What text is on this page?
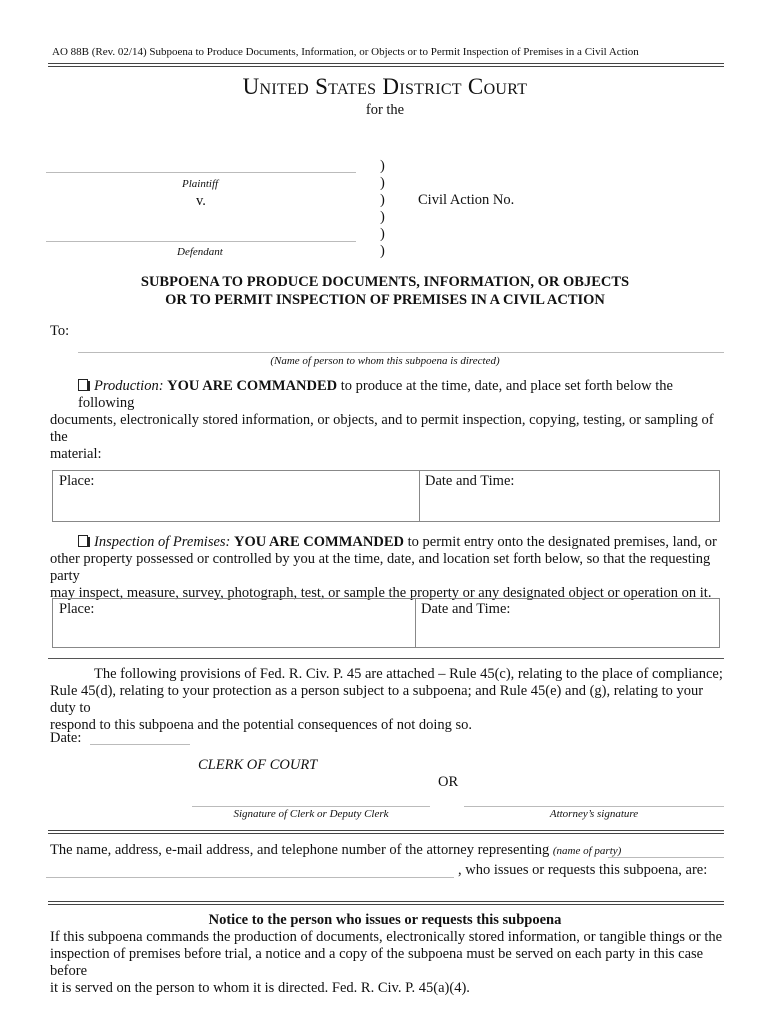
AO 88B (Rev. 02/14) Subpoena to Produce Documents, Information, or Objects or to Permit Inspection of Premises in a Civil Action
United States District Court
for the
Plaintiff
v.
Defendant
)
)
)
)
)
)
Civil Action No.
SUBPOENA TO PRODUCE DOCUMENTS, INFORMATION, OR OBJECTS
OR TO PERMIT INSPECTION OF PREMISES IN A CIVIL ACTION
To:
(Name of person to whom this subpoena is directed)
Production: YOU ARE COMMANDED to produce at the time, date, and place set forth below the following
documents, electronically stored information, or objects, and to permit inspection, copying, testing, or sampling of the
material:
Place:	Date and Time:
Inspection of Premises: YOU ARE COMMANDED to permit entry onto the designated premises, land, or
other property possessed or controlled by you at the time, date, and location set forth below, so that the requesting party
may inspect, measure, survey, photograph, test, or sample the property or any designated object or operation on it.
Place:	Date and Time:
The following provisions of Fed. R. Civ. P. 45 are attached – Rule 45(c), relating to the place of compliance;
Rule 45(d), relating to your protection as a person subject to a subpoena; and Rule 45(e) and (g), relating to your duty to
respond to this subpoena and the potential consequences of not doing so.
Date:
CLERK OF COURT
OR
Signature of Clerk or Deputy Clerk	Attorney’s signature
The name, address, e-mail address, and telephone number of the attorney representing (name of party)
, who issues or requests this subpoena, are:
Notice to the person who issues or requests this subpoena
If this subpoena commands the production of documents, electronically stored information, or tangible things or the
inspection of premises before trial, a notice and a copy of the subpoena must be served on each party in this case before
it is served on the person to whom it is directed. Fed. R. Civ. P. 45(a)(4).
